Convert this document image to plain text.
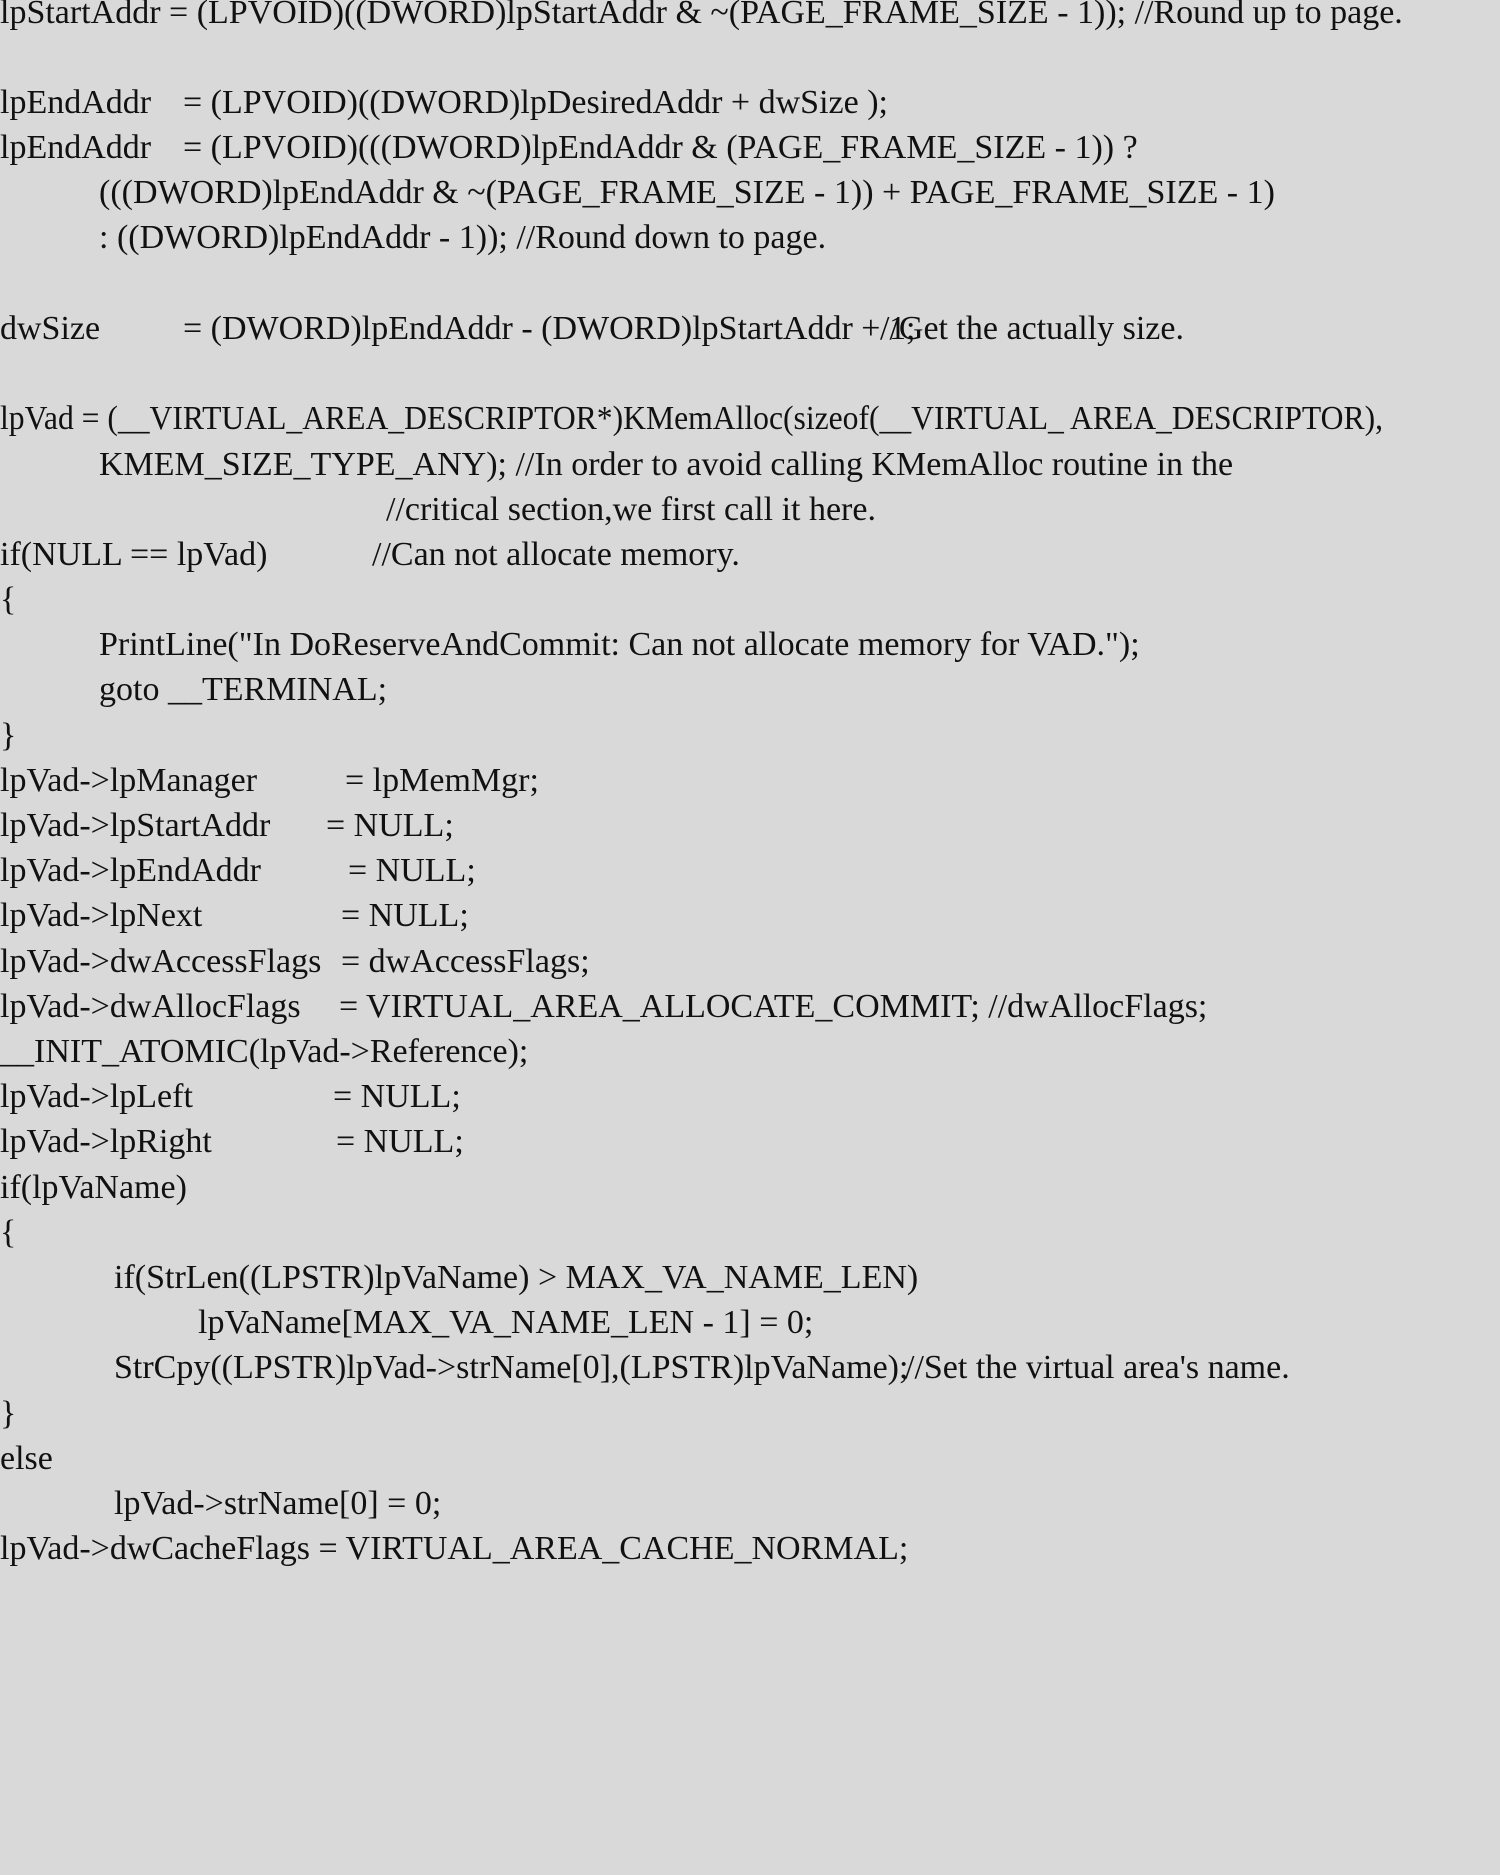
lpStartAddr = (LPVOID)((DWORD)lpStartAddr & ~(PAGE_FRAME_SIZE - 1)); //Round up to page.
lpEndAddr = (LPVOID)((DWORD)lpDesiredAddr + dwSize );
lpEndAddr = (LPVOID)(((DWORD)lpEndAddr & (PAGE_FRAME_SIZE - 1)) ?
(((DWORD)lpEndAddr & ~(PAGE_FRAME_SIZE - 1)) + PAGE_FRAME_SIZE - 1)
: ((DWORD)lpEndAddr - 1)); //Round down to page.
dwSize = (DWORD)lpEndAddr - (DWORD)lpStartAddr + 1;
//Get the actually size.
lpVad = (__VIRTUAL_AREA_DESCRIPTOR*)KMemAlloc(sizeof(__VIRTUAL_ AREA_DESCRIPTOR),
KMEM_SIZE_TYPE_ANY); //In order to avoid calling KMemAlloc routine in the
//critical section,we first call it here.
if(NULL == lpVad)	//Can not allocate memory.
{
PrintLine("In DoReserveAndCommit: Can not allocate memory for VAD.");
goto __TERMINAL;
}
lpVad->lpManager	= lpMemMgr;
lpVad->lpStartAddr = NULL;
lpVad->lpEndAddr	= NULL;
lpVad->lpNext	= NULL;
lpVad->dwAccessFlags = dwAccessFlags;
lpVad->dwAllocFlags = VIRTUAL_AREA_ALLOCATE_COMMIT; //dwAllocFlags;
__INIT_ATOMIC(lpVad->Reference);
lpVad->lpLeft	= NULL;
lpVad->lpRight	= NULL;
if(lpVaName)
{
if(StrLen((LPSTR)lpVaName) > MAX_VA_NAME_LEN)
lpVaName[MAX_VA_NAME_LEN - 1] = 0;
StrCpy((LPSTR)lpVad->strName[0],(LPSTR)lpVaName);
//Set the virtual area's name.
}
else
lpVad->strName[0] = 0;
lpVad->dwCacheFlags = VIRTUAL_AREA_CACHE_NORMAL;
